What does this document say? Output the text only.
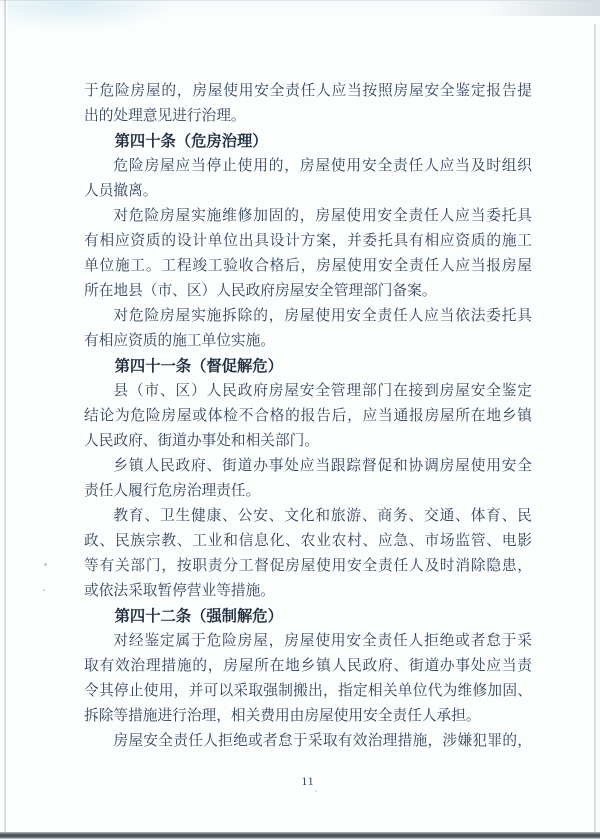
于危险房屋的，房屋使用安全责任人应当按照房屋安全鉴定报告提
出的处理意见进行治理。
第四十条（危房治理）
危险房屋应当停止使用的，房屋使用安全责任人应当及时组织
人员撤离。
对危险房屋实施维修加固的，房屋使用安全责任人应当委托具
有相应资质的设计单位出具设计方案，并委托具有相应资质的施工
单位施工。工程竣工验收合格后，房屋使用安全责任人应当报房屋
所在地县（市、区）人民政府房屋安全管理部门备案。
对危险房屋实施拆除的，房屋使用安全责任人应当依法委托具
有相应资质的施工单位实施。
第四十一条（督促解危）
县（市、区）人民政府房屋安全管理部门在接到房屋安全鉴定
结论为危险房屋或体检不合格的报告后，应当通报房屋所在地乡镇
人民政府、街道办事处和相关部门。
乡镇人民政府、街道办事处应当跟踪督促和协调房屋使用安全
责任人履行危房治理责任。
教育、卫生健康、公安、文化和旅游、商务、交通、体育、民
政、民族宗教、工业和信息化、农业农村、应急、市场监管、电影
等有关部门，按职责分工督促房屋使用安全责任人及时消除隐患，
或依法采取暂停营业等措施。
第四十二条（强制解危）
对经鉴定属于危险房屋，房屋使用安全责任人拒绝或者怠于采
取有效治理措施的，房屋所在地乡镇人民政府、街道办事处应当责
令其停止使用，并可以采取强制搬出，指定相关单位代为维修加固、
拆除等措施进行治理，相关费用由房屋使用安全责任人承担。
房屋安全责任人拒绝或者怠于采取有效治理措施，涉嫌犯罪的，
11
